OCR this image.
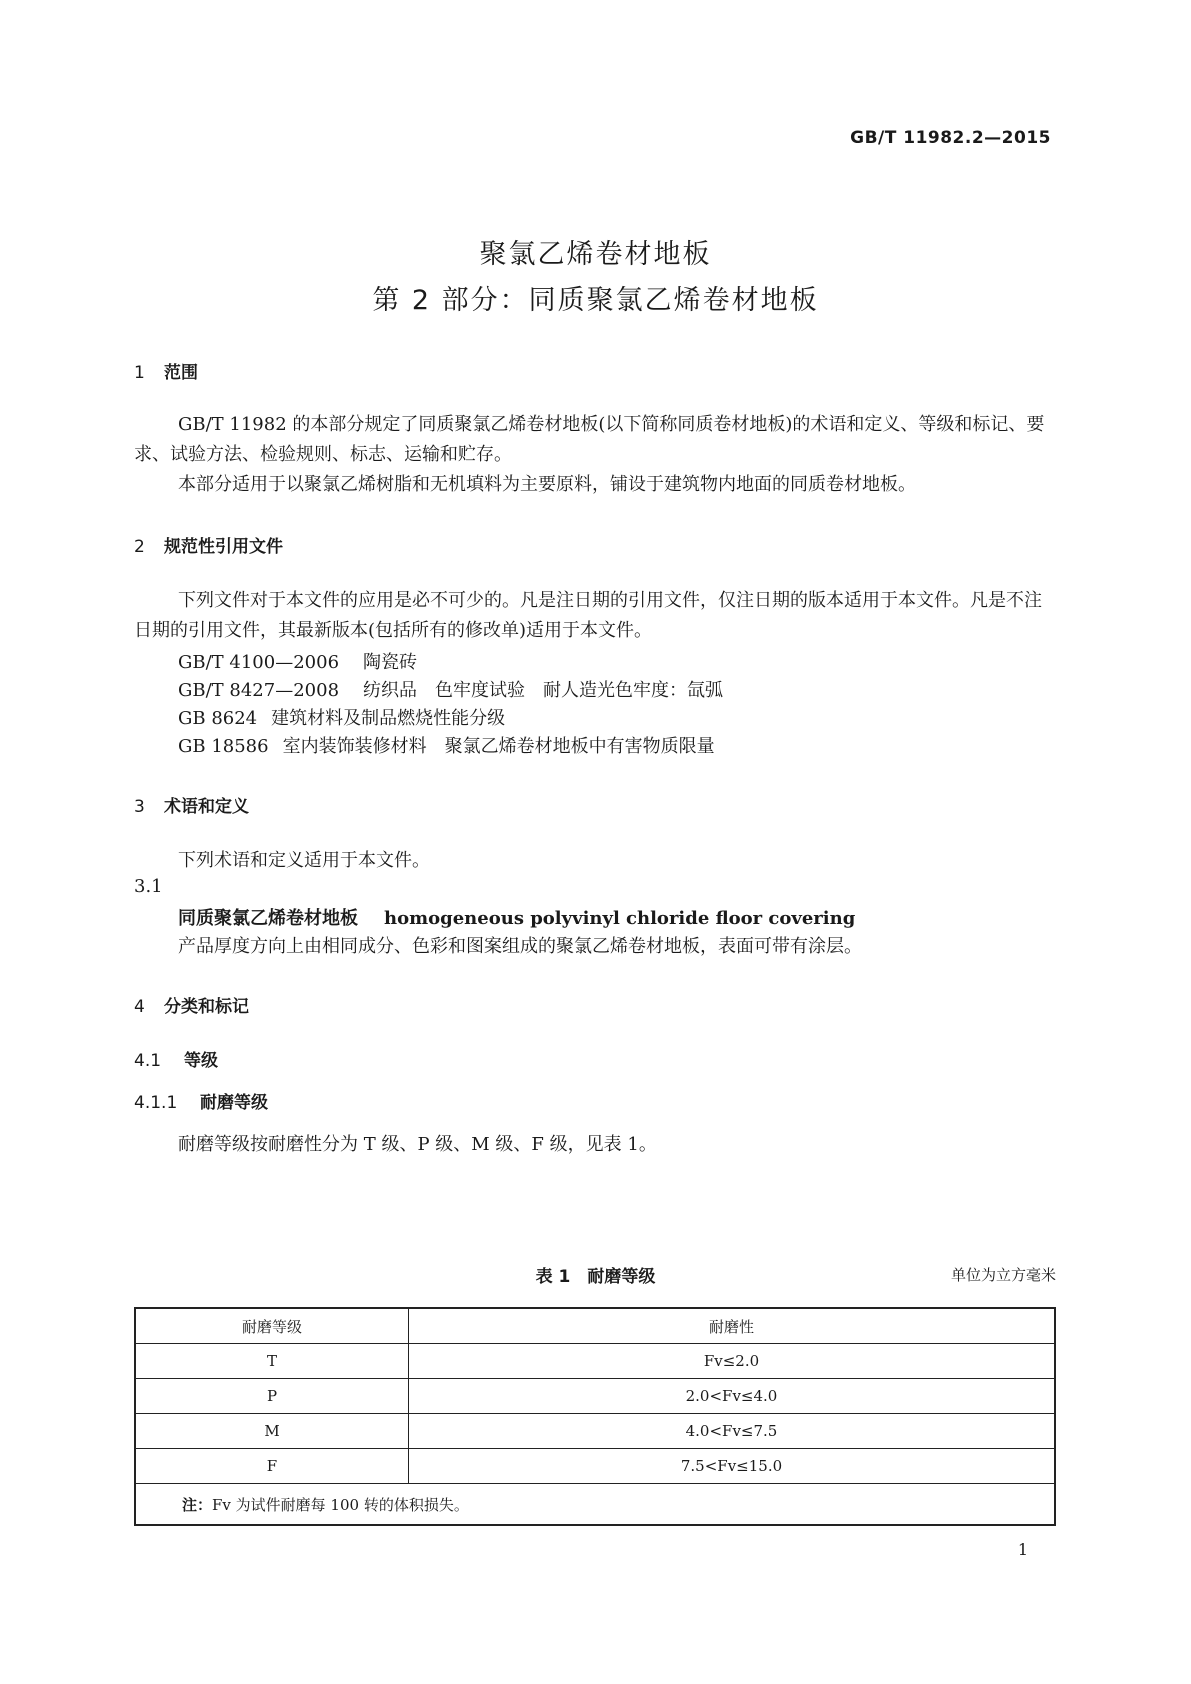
GB/T 11982.2—2015
聚氯乙烯卷材地板
第 2 部分：同质聚氯乙烯卷材地板
1 范围
GB/T 11982 的本部分规定了同质聚氯乙烯卷材地板(以下简称同质卷材地板)的术语和定义、等级和标记、要求、试验方法、检验规则、标志、运输和贮存。
本部分适用于以聚氯乙烯树脂和无机填料为主要原料，铺设于建筑物内地面的同质卷材地板。
2 规范性引用文件
下列文件对于本文件的应用是必不可少的。凡是注日期的引用文件，仅注日期的版本适用于本文件。凡是不注日期的引用文件，其最新版本(包括所有的修改单)适用于本文件。
GB/T 4100—2006 陶瓷砖
GB/T 8427—2008 纺织品　色牢度试验　耐人造光色牢度：氙弧
GB 8624 建筑材料及制品燃烧性能分级
GB 18586 室内装饰装修材料　聚氯乙烯卷材地板中有害物质限量
3 术语和定义
下列术语和定义适用于本文件。
3.1
同质聚氯乙烯卷材地板 homogeneous polyvinyl chloride floor covering
产品厚度方向上由相同成分、色彩和图案组成的聚氯乙烯卷材地板，表面可带有涂层。
4 分类和标记
4.1 等级
4.1.1 耐磨等级
耐磨等级按耐磨性分为 T 级、P 级、M 级、F 级，见表 1。
表 1　耐磨等级	单位为立方毫米
耐磨等级	耐磨性
T	Fv≤2.0
P	2.0<Fv≤4.0
M	4.0<Fv≤7.5
F	7.5<Fv≤15.0
注：Fv 为试件耐磨每 100 转的体积损失。	
1
